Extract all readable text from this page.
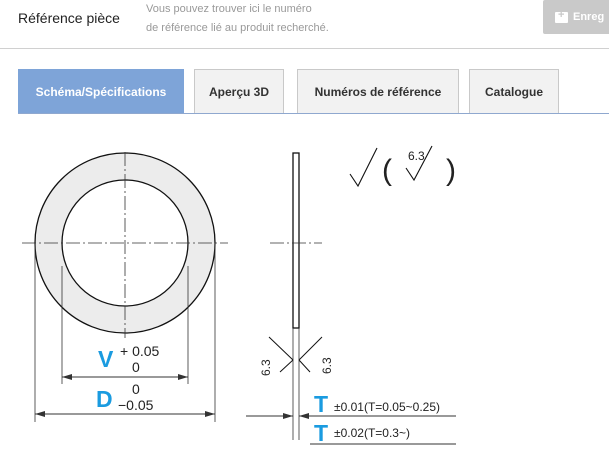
Référence pièce
Vous pouvez trouver ici le numéro
de référence lié au produit recherché.
+
Enreg
Schéma/Spécifications	Aperçu 3D	Numéros de référence	Catalogue
V + 0.05
0
D 0
−0.05	T ±0.01(T=0.05~0.25)
T ±0.02(T=0.3~)
6.3	6.3
( 6.3 )
